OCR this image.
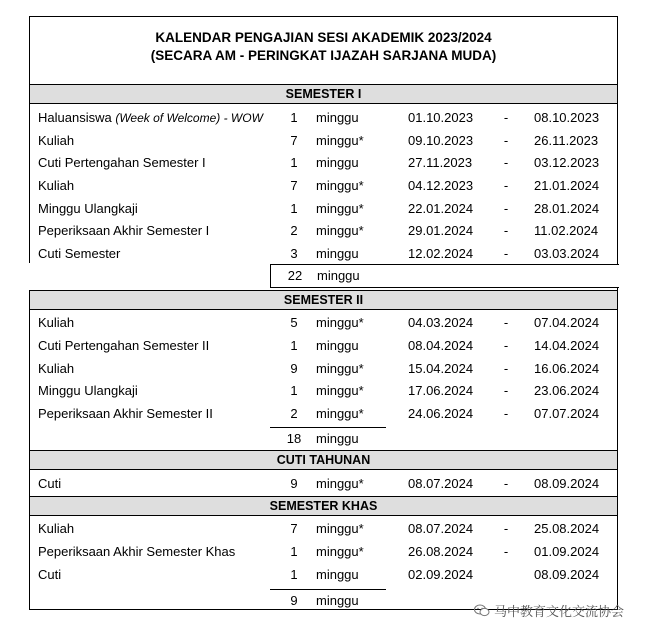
KALENDAR PENGAJIAN SESI AKADEMIK 2023/2024
(SECARA AM - PERINGKAT IJAZAH SARJANA MUDA)
SEMESTER I
Haluansiswa (Week of Welcome) - WOW	1	minggu	01.10.2023 - 08.10.2023
Kuliah	7	minggu*	09.10.2023 - 26.11.2023
Cuti Pertengahan Semester I	1	minggu	27.11.2023 - 03.12.2023
Kuliah	7	minggu*	04.12.2023 - 21.01.2024
Minggu Ulangkaji	1	minggu*	22.01.2024 - 28.01.2024
Peperiksaan Akhir Semester I	2	minggu*	29.01.2024 - 11.02.2024
Cuti Semester	3	minggu	12.02.2024 - 03.03.2024
22	minggu
SEMESTER II
Kuliah	5	minggu*	04.03.2024 - 07.04.2024
Cuti Pertengahan Semester II	1	minggu	08.04.2024 - 14.04.2024
Kuliah	9	minggu*	15.04.2024 - 16.06.2024
Minggu Ulangkaji	1	minggu*	17.06.2024 - 23.06.2024
Peperiksaan Akhir Semester II	2	minggu*	24.06.2024 - 07.07.2024
18	minggu
CUTI TAHUNAN
Cuti	9	minggu*	08.07.2024 - 08.09.2024
SEMESTER KHAS
Kuliah	7	minggu*	08.07.2024 - 25.08.2024
Peperiksaan Akhir Semester Khas	1	minggu*	26.08.2024 - 01.09.2024
Cuti	1	minggu	02.09.2024	08.09.2024
9	minggu
马中教育文化交流协会
